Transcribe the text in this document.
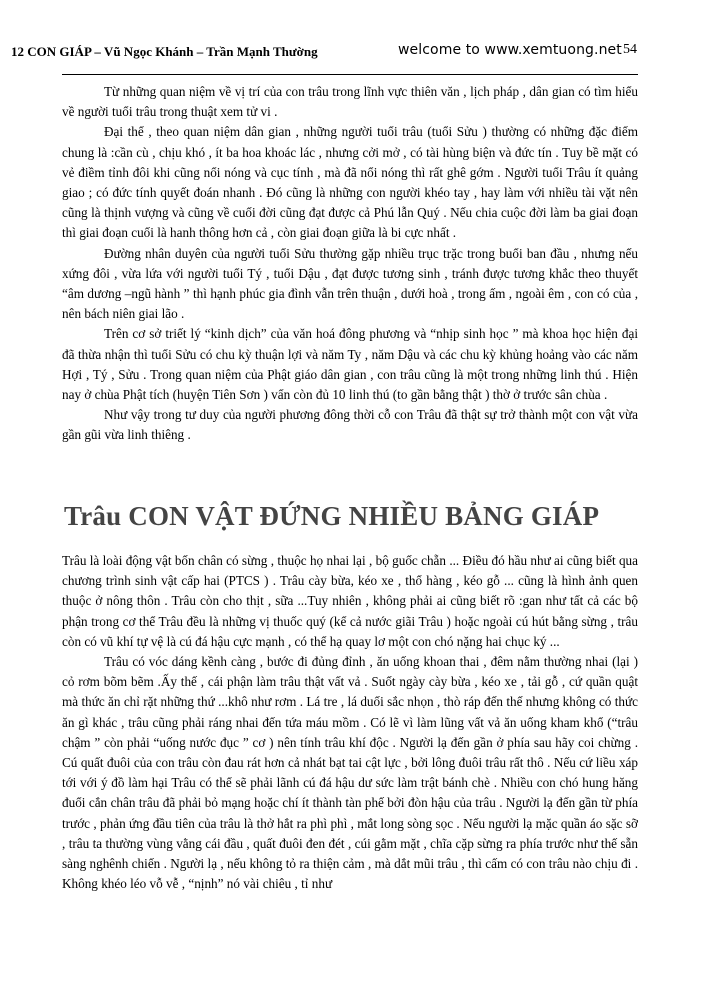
12 CON GIÁP – Vũ Ngọc Khánh – Trần Mạnh Thường	welcome to www.xemtuong.net 54

Từ những quan niệm về vị trí của con trâu trong lĩnh vực thiên văn , lịch pháp , dân gian có tìm hiểu về người tuổi trâu trong thuật xem tử vi .

Đại thể , theo quan niệm dân gian , những người tuổi trâu (tuổi Sửu ) thường có những đặc điểm chung là :cần cù , chịu khó , ít ba hoa khoác lác , nhưng cởi mở , có tài hùng biện và đức tín . Tuy bề mặt có vẻ điềm tỉnh đôi khi cũng nổi nóng và cục tính , mà đã nổi nóng thì rất ghê gớm . Người tuổi Trâu ít quảng giao ; có đức tính quyết đoán nhanh . Đó cũng là những con người khéo tay , hay làm với nhiều tài vặt nên cũng là thịnh vượng và cũng về cuối đời cũng đạt được cả Phú lẫn Quý . Nếu chia cuộc đời làm ba giai đoạn thì giai đoạn cuối là hanh thông hơn cả , còn giai đoạn giữa là bi cực nhất .

Đường nhân duyên của người tuổi Sửu thường gặp nhiều trục trặc trong buổi ban đầu , nhưng nếu xứng đôi , vừa lứa với người tuổi Tý , tuổi Dậu , đạt được tương sinh , tránh được tương khắc theo thuyết “âm dương –ngũ hành ” thì hạnh phúc gia đình vẫn trên thuận , dưới hoà , trong ấm , ngoài êm , con có của , nên bách niên giai lão .

Trên cơ sở triết lý “kinh dịch” của văn hoá đông phương và “nhịp sinh học ” mà khoa học hiện đại đã thừa nhận thì tuổi Sửu có chu kỳ thuận lợi và năm Ty , năm Dậu và các chu kỳ khủng hoảng vào các năm Hợi , Tý , Sửu . Trong quan niệm của Phật giáo dân gian , con trâu cũng là một trong những linh thú . Hiện nay ở chùa Phật tích (huyện Tiên Sơn ) vẩn còn đủ 10 linh thú (to gần bằng thật ) thờ ở trước sân chùa .

Như vậy trong tư duy của người phương đông thời cỗ con Trâu đã thật sự trở thành một con vật vừa gần gũi vừa linh thiêng .

Trâu CON VẬT ĐỨNG NHIỀU BẢNG GIÁP

Trâu là loài động vật bốn chân có sừng , thuộc họ nhai lại , bộ guốc chẵn ... Điều đó hầu như ai cũng biết qua chương trình sinh vật cấp hai (PTCS ) . Trâu cày bừa, kéo xe , thổ hàng , kéo gỗ ... cũng là hình ảnh quen thuộc ở nông thôn . Trâu còn cho thịt , sữa ...Tuy nhiên , không phải ai cũng biết rõ :gan như tất cả các bộ phận trong cơ thể Trâu đều là những vị thuốc quý (kể cả nước giãi Trâu ) hoặc ngoài cú hút bằng sừng , trâu còn có vũ khí tự vệ là cú đá hậu cực mạnh , có thể hạ quay lơ một con chó nặng hai chục ký ...

Trâu có vóc dáng kềnh càng , bước đi đủng đỉnh , ăn uống khoan thai , đêm nằm thường nhai (lại ) cỏ rơm bõm bẽm .Ấy thế , cái phận làm trâu thật vất vả . Suốt ngày cày bừa , kéo xe , tải gỗ , cứ quần quật mà thức ăn chỉ rặt những thứ ...khô như rơm . Lá tre , lá duối sắc nhọn , thò ráp đến thế nhưng không có thức ăn gì khác , trâu cũng phải ráng nhai đến tứa máu mồm . Có lẽ vì làm lũng vất vả ăn uống kham khổ (“trâu chậm ” còn phải “uống nước đục ” cơ ) nên tính trâu khí độc . Người lạ đến gần ở phía sau hãy coi chừng . Cú quất đuôi của con trâu còn đau rát hơn cả nhát bạt tai cật lực , bởi lông đuôi trâu rất thô . Nếu cứ liều xáp tới với ý đồ làm hại Trâu có thể sẽ phải lãnh cú đá hậu dư sức làm trật bánh chè . Nhiều con chó hung hăng đuổi cắn chân trâu đã phải bỏ mạng hoặc chí ít thành tàn phế bởi đòn hậu của trâu . Người lạ đến gần từ phía trước , phản ứng đầu tiên của trâu là thở hắt ra phì phì , mắt long sòng sọc . Nếu người lạ mặc quần áo sặc sỡ , trâu ta thường vùng vằng cái đầu , quất đuôi đen đét , cúi gằm mặt , chĩa cặp sừng ra phía trước như thế sẵn sàng nghênh chiến . Người lạ , nếu không tỏ ra thiện cảm , mà dắt mũi trâu , thì cấm có con trâu nào chịu đi . Không khéo léo vỗ vễ , “nịnh” nó vài chiêu , tỉ như
